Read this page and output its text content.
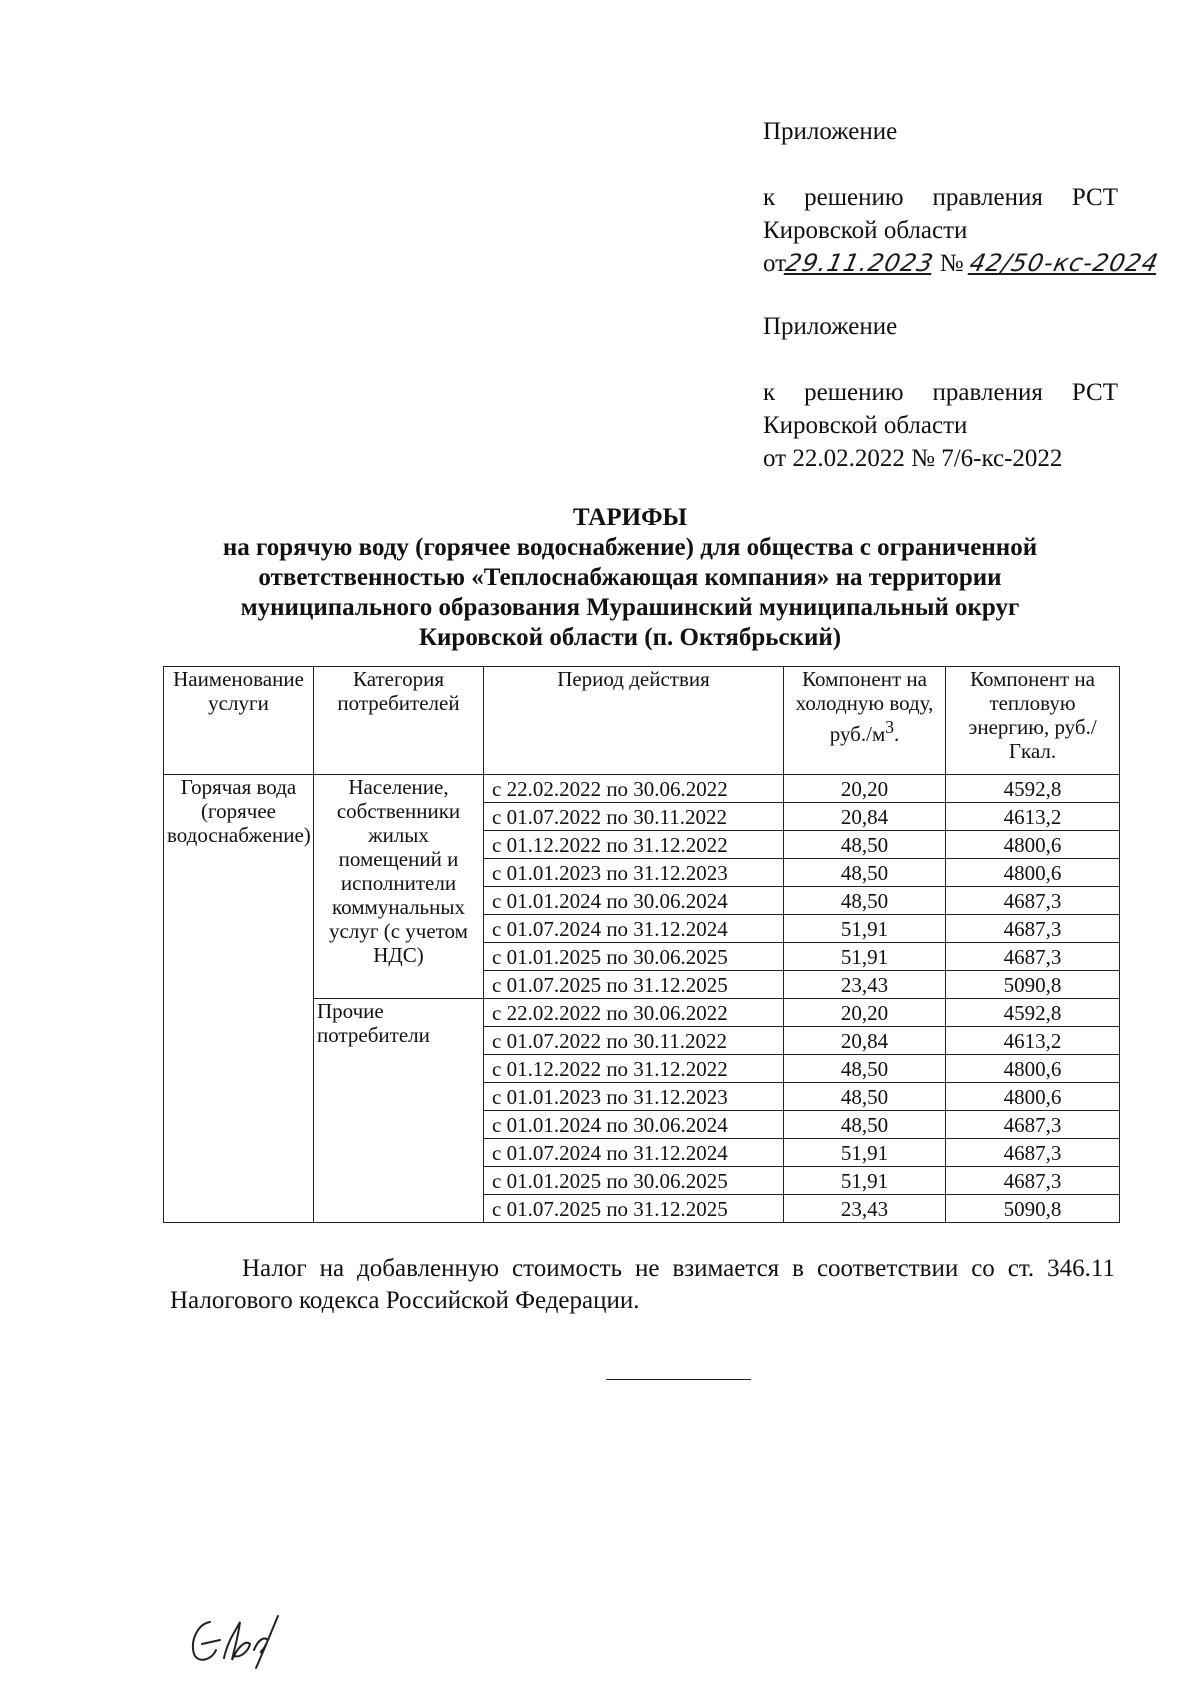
Приложение
к решению правления РСТ
Кировской области
от29.11.2023 № 42/50-кс-2024
Приложение
к решению правления РСТ
Кировской области
от 22.02.2022 № 7/6-кс-2022
ТАРИФЫ
на горячую воду (горячее водоснабжение) для общества с ограниченной
ответственностью «Теплоснабжающая компания» на территории
муниципального образования Мурашинский муниципальный округ
Кировской области (п. Октябрьский)
Наименование услуги	Категория потребителей	Период действия	Компонент на холодную воду, $руб./м^3$.	Компонент на тепловую энергию, руб./Гкал.
Горячая вода (горячее водоснабжение)	Население, собственники жилых помещений и исполнители коммунальных услуг (с учетом НДС)	с 22.02.2022 по 30.06.2022	20,20	4592,8
		с 01.07.2022 по 30.11.2022	20,84	4613,2
		с 01.12.2022 по 31.12.2022	48,50	4800,6
		с 01.01.2023 по 31.12.2023	48,50	4800,6
		с 01.01.2024 по 30.06.2024	48,50	4687,3
		с 01.07.2024 по 31.12.2024	51,91	4687,3
		с 01.01.2025 по 30.06.2025	51,91	4687,3
		с 01.07.2025 по 31.12.2025	23,43	5090,8
	Прочие потребители	с 22.02.2022 по 30.06.2022	20,20	4592,8
		с 01.07.2022 по 30.11.2022	20,84	4613,2
		с 01.12.2022 по 31.12.2022	48,50	4800,6
		с 01.01.2023 по 31.12.2023	48,50	4800,6
		с 01.01.2024 по 30.06.2024	48,50	4687,3
		с 01.07.2024 по 31.12.2024	51,91	4687,3
		с 01.01.2025 по 30.06.2025	51,91	4687,3
		с 01.07.2025 по 31.12.2025	23,43	5090,8
Налог на добавленную стоимость не взимается в соответствии со ст. 346.11 Налогового кодекса Российской Федерации.
